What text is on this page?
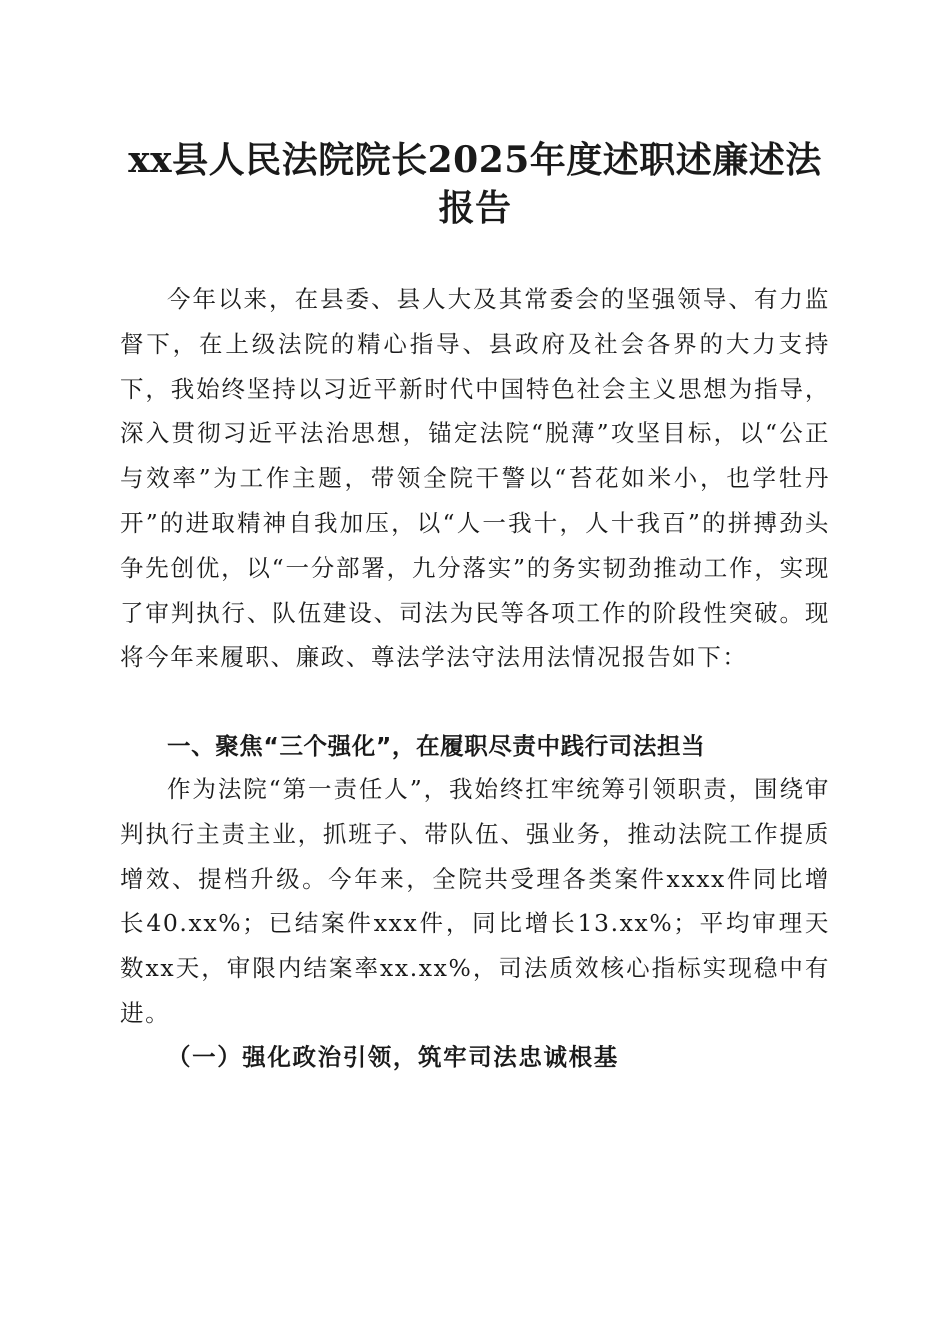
xx县人民法院院长2025年度述职述廉述法报告

今年以来，在县委、县人大及其常委会的坚强领导、有力监督下，在上级法院的精心指导、县政府及社会各界的大力支持下，我始终坚持以习近平新时代中国特色社会主义思想为指导，深入贯彻习近平法治思想，锚定法院“脱薄”攻坚目标，以“公正与效率”为工作主题，带领全院干警以“苔花如米小，也学牡丹开”的进取精神自我加压，以“人一我十，人十我百”的拼搏劲头争先创优，以“一分部署，九分落实”的务实韧劲推动工作，实现了审判执行、队伍建设、司法为民等各项工作的阶段性突破。现将今年来履职、廉政、尊法学法守法用法情况报告如下：

一、聚焦“三个强化”，在履职尽责中践行司法担当

作为法院“第一责任人”，我始终扛牢统筹引领职责，围绕审判执行主责主业，抓班子、带队伍、强业务，推动法院工作提质增效、提档升级。今年来，全院共受理各类案件xxxx件同比增长40.xx%；已结案件xxx件，同比增长13.xx%；平均审理天数xx天，审限内结案率xx.xx%，司法质效核心指标实现稳中有进。

（一）强化政治引领，筑牢司法忠诚根基
